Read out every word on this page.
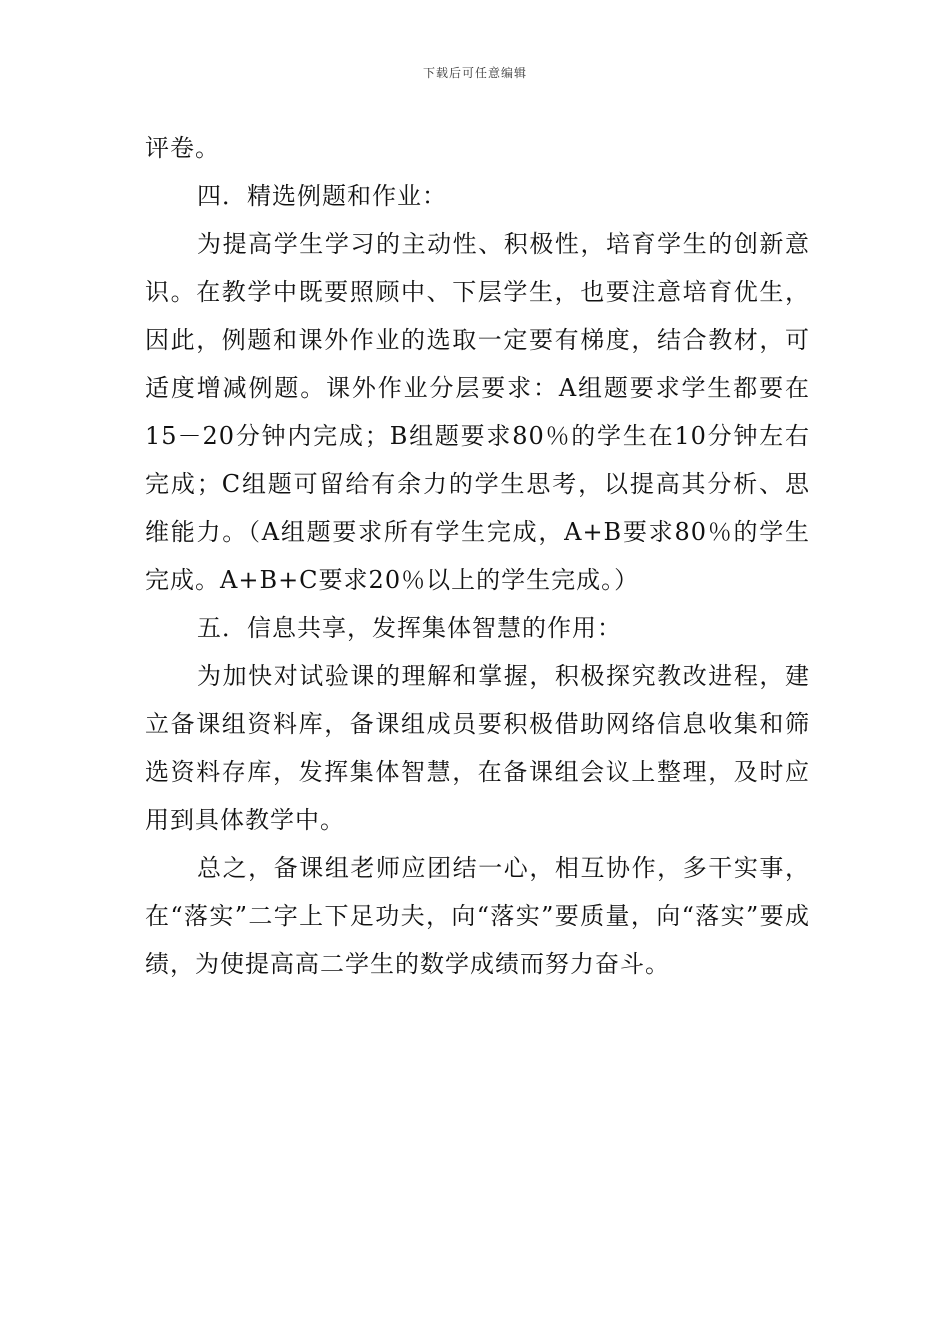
下载后可任意编辑

评卷。

四．精选例题和作业：

为提高学生学习的主动性、积极性，培育学生的创新意识。在教学中既要照顾中、下层学生，也要注意培育优生，因此，例题和课外作业的选取一定要有梯度，结合教材，可适度增减例题。课外作业分层要求：A组题要求学生都要在15－20分钟内完成；B组题要求80％的学生在10分钟左右完成；C组题可留给有余力的学生思考，以提高其分析、思维能力。（A组题要求所有学生完成，A+B要求80％的学生完成。A+B+C要求20％以上的学生完成。）

五．信息共享，发挥集体智慧的作用：

为加快对试验课的理解和掌握，积极探究教改进程，建立备课组资料库，备课组成员要积极借助网络信息收集和筛选资料存库，发挥集体智慧，在备课组会议上整理，及时应用到具体教学中。

总之，备课组老师应团结一心，相互协作，多干实事，在“落实”二字上下足功夫，向“落实”要质量，向“落实”要成绩，为使提高高二学生的数学成绩而努力奋斗。
